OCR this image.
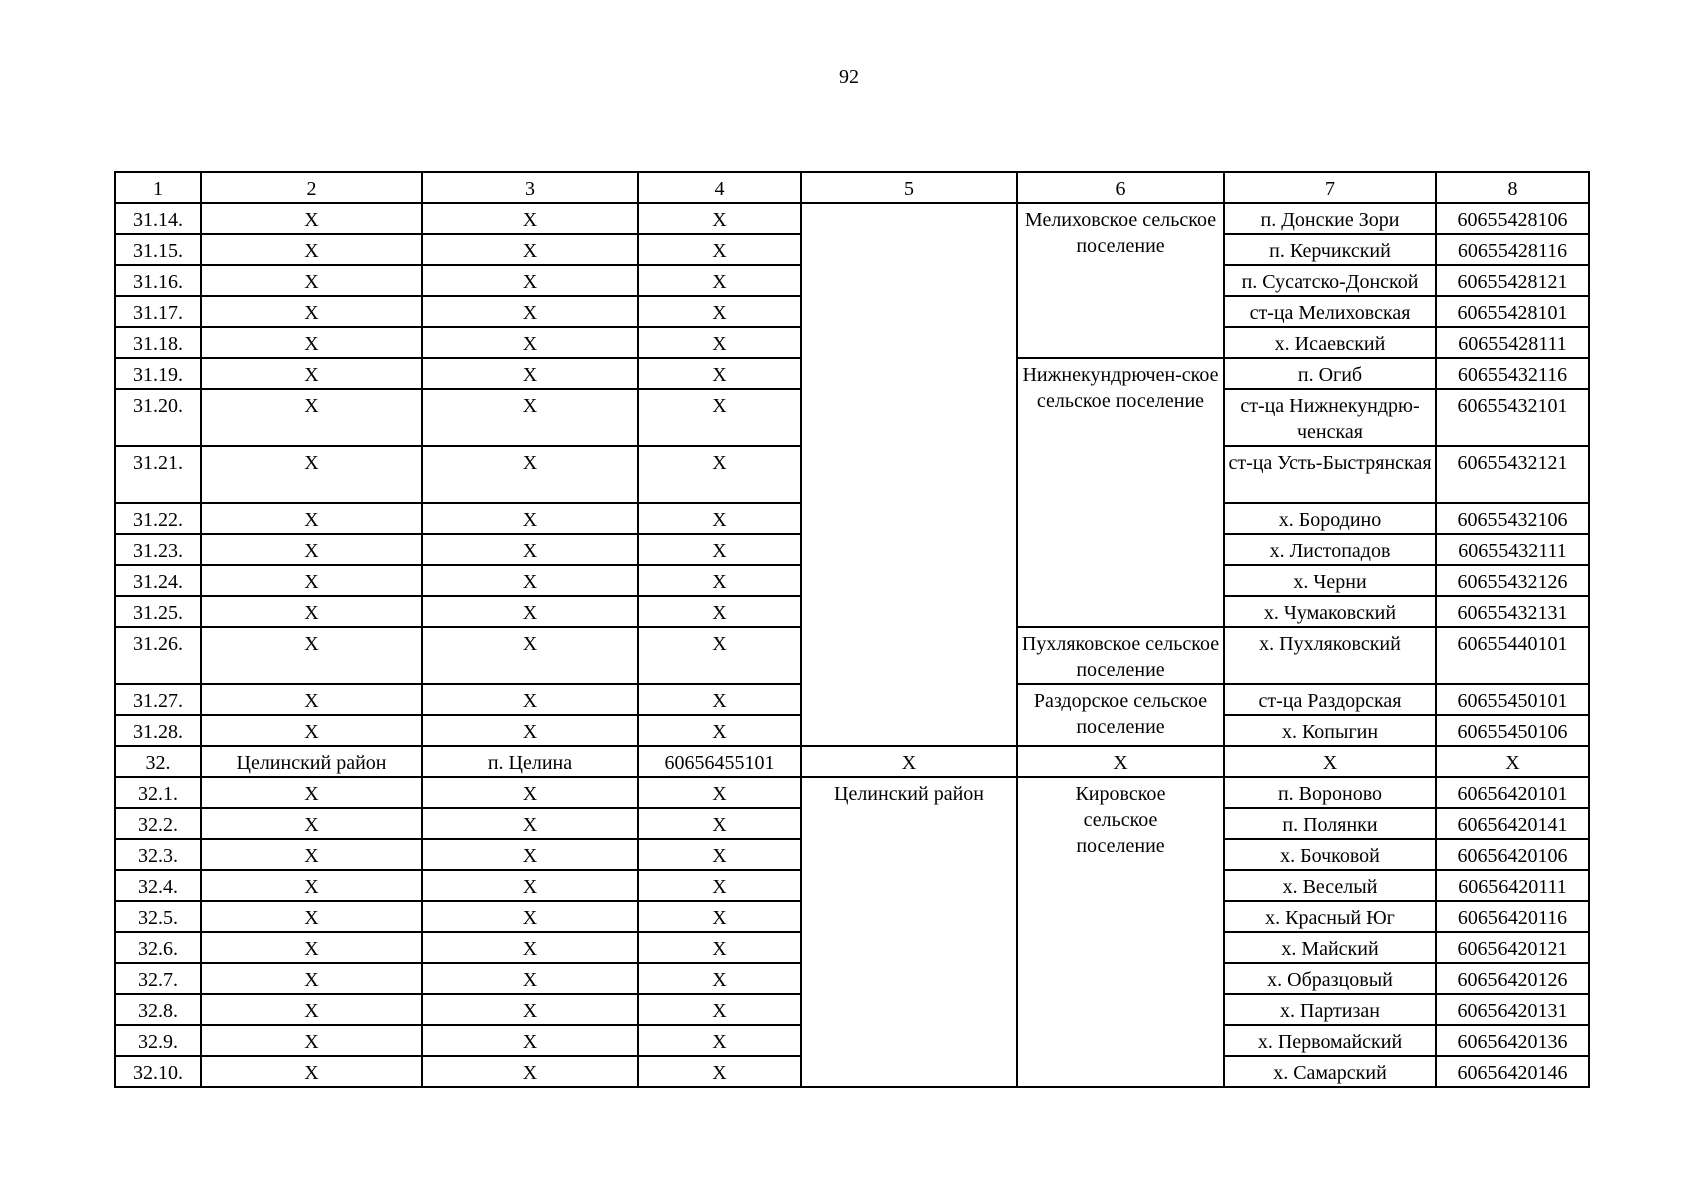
92
1	2	3	4	5	6	7	8
31.14.	Х	Х	Х		Мелиховское сельское поселение	п. Донские Зори	60655428106
31.15.	Х	Х	Х			п. Керчикский	60655428116
31.16.	Х	Х	Х			п. Сусатско-Донской	60655428121
31.17.	Х	Х	Х			ст-ца Мелиховская	60655428101
31.18.	Х	Х	Х			х. Исаевский	60655428111
31.19.	Х	Х	Х		Нижнекундрючен-ское сельское поселение	п. Огиб	60655432116
31.20.	Х	Х	Х			ст-ца Нижнекундрю-ченская	60655432101
31.21.	Х	Х	Х			ст-ца Усть-Быстрянская	60655432121
31.22.	Х	Х	Х			х. Бородино	60655432106
31.23.	Х	Х	Х			х. Листопадов	60655432111
31.24.	Х	Х	Х			х. Черни	60655432126
31.25.	Х	Х	Х			х. Чумаковский	60655432131
31.26.	Х	Х	Х		Пухляковское сельское поселение	х. Пухляковский	60655440101
31.27.	Х	Х	Х		Раздорское сельское поселение	ст-ца Раздорская	60655450101
31.28.	Х	Х	Х			х. Копыгин	60655450106
32.	Целинский район	п. Целина	60656455101	Х	Х	Х	Х
32.1.	Х	Х	Х	Целинский район	Кировское сельское поселение	п. Вороново	60656420101
32.2.	Х	Х	Х			п. Полянки	60656420141
32.3.	Х	Х	Х			х. Бочковой	60656420106
32.4.	Х	Х	Х			х. Веселый	60656420111
32.5.	Х	Х	Х			х. Красный Юг	60656420116
32.6.	Х	Х	Х			х. Майский	60656420121
32.7.	Х	Х	Х			х. Образцовый	60656420126
32.8.	Х	Х	Х			х. Партизан	60656420131
32.9.	Х	Х	Х			х. Первомайский	60656420136
32.10.	Х	Х	Х			х. Самарский	60656420146
